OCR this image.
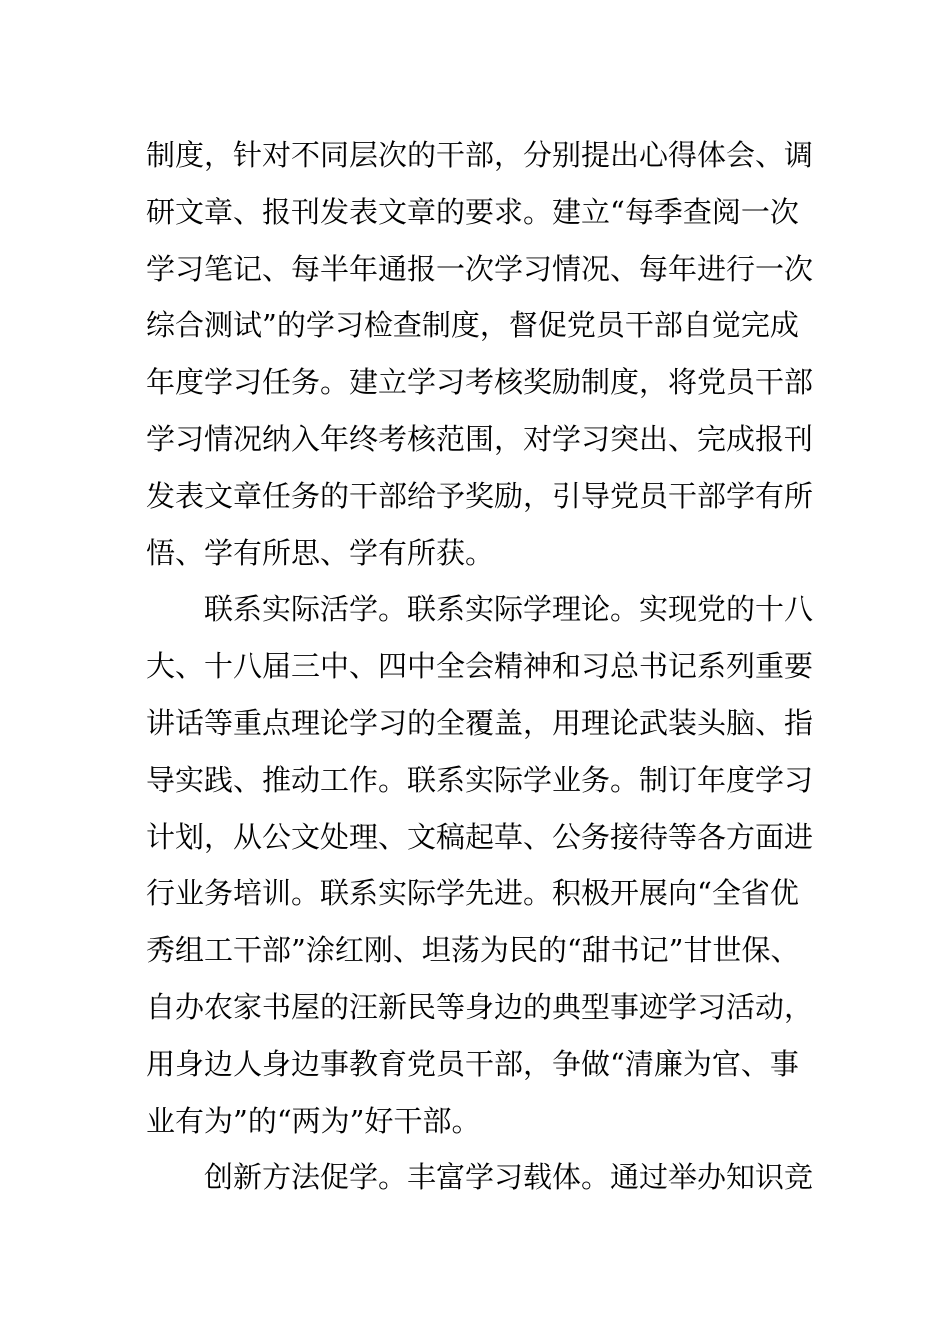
制度，针对不同层次的干部，分别提出心得体会、调
研文章、报刊发表文章的要求。建立“每季查阅一次
学习笔记、每半年通报一次学习情况、每年进行一次
综合测试”的学习检查制度，督促党员干部自觉完成
年度学习任务。建立学习考核奖励制度，将党员干部
学习情况纳入年终考核范围，对学习突出、完成报刊
发表文章任务的干部给予奖励，引导党员干部学有所
悟、学有所思、学有所获。
联系实际活学。联系实际学理论。实现党的十八
大、十八届三中、四中全会精神和习总书记系列重要
讲话等重点理论学习的全覆盖，用理论武装头脑、指
导实践、推动工作。联系实际学业务。制订年度学习
计划，从公文处理、文稿起草、公务接待等各方面进
行业务培训。联系实际学先进。积极开展向“全省优
秀组工干部”涂红刚、坦荡为民的“甜书记”甘世保、
自办农家书屋的汪新民等身边的典型事迹学习活动，
用身边人身边事教育党员干部，争做“清廉为官、事
业有为”的“两为”好干部。
创新方法促学。丰富学习载体。通过举办知识竞
